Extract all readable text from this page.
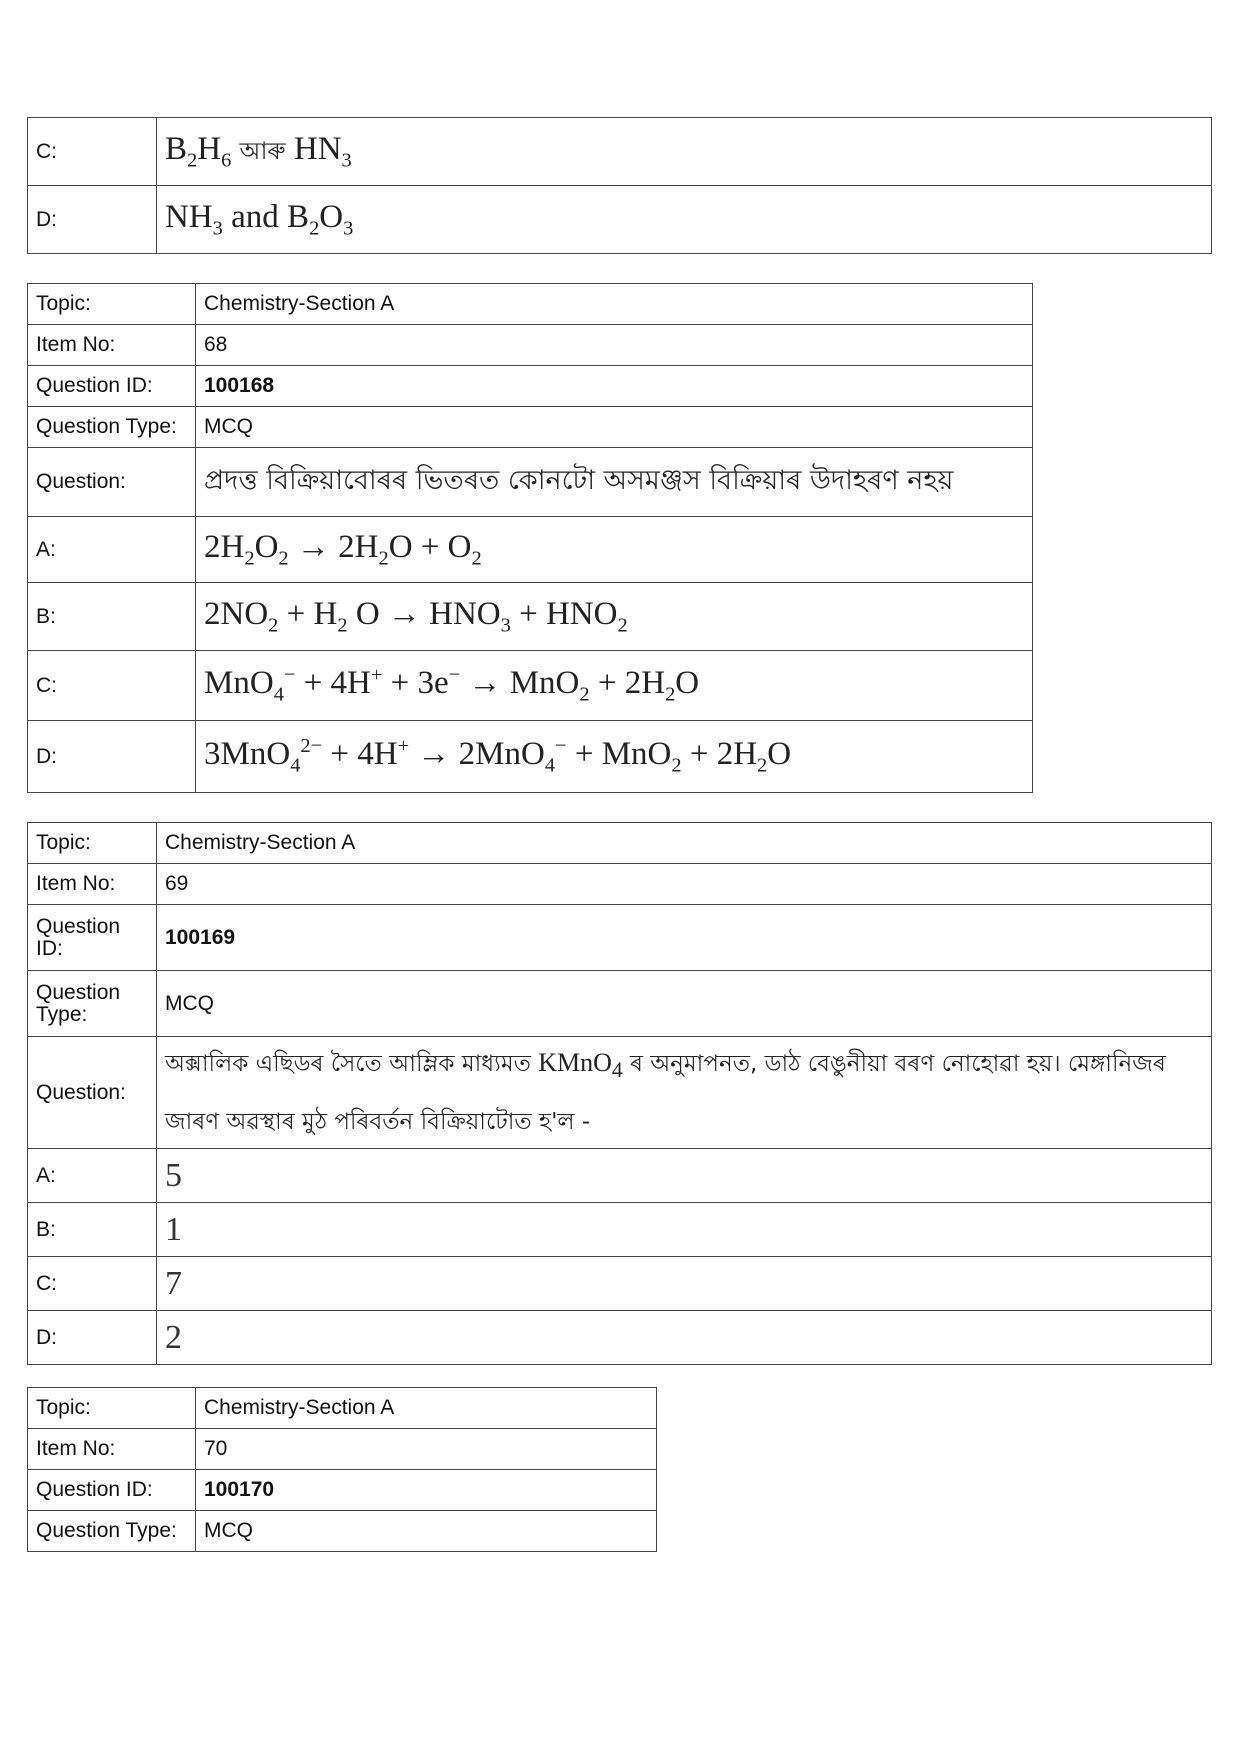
C:	$B_2H_6$ আৰু $HN_3$
D:	$NH_3$ and $B_2O_3$
Topic:	Chemistry-Section A
Item No:	68
Question ID:	100168
Question Type:	MCQ
Question:	প্ৰদত্ত বিক্ৰিয়াবোৰৰ ভিতৰত কোনটো অসমঞ্জস বিক্ৰিয়াৰ উদাহৰণ নহয়
A:	$2H_2O_2 \to 2H_2O + O_2$
B:	$2NO_2 + H_2$ $O \to HNO_3 + HNO_2$
C:	$MnO_4^- + 4H^+ + 3e^- \to MnO_2 + 2H_2O$
D:	$3MnO_4^{2-} + 4H^+ \to 2MnO_4^- + MnO_2 + 2H_2O$
Topic:	Chemistry-Section A
Item No:	69
Question ID:	100169
Question Type:	MCQ
Question:	অক্সালিক এছিডৰ সৈতে আম্লিক মাধ্যমত KMnO$_4$ ৰ অনুমাপনত, ডাঠ বেঙুনীয়া বৰণ নোহোৱা হয়। মেঙ্গানিজৰ জাৰণ অৱস্থাৰ মুঠ পৰিবৰ্তন বিক্ৰিয়াটোত হ'ল -
A:	5
B:	1
C:	7
D:	2
Topic:	Chemistry-Section A
Item No:	70
Question ID:	100170
Question Type:	MCQ
